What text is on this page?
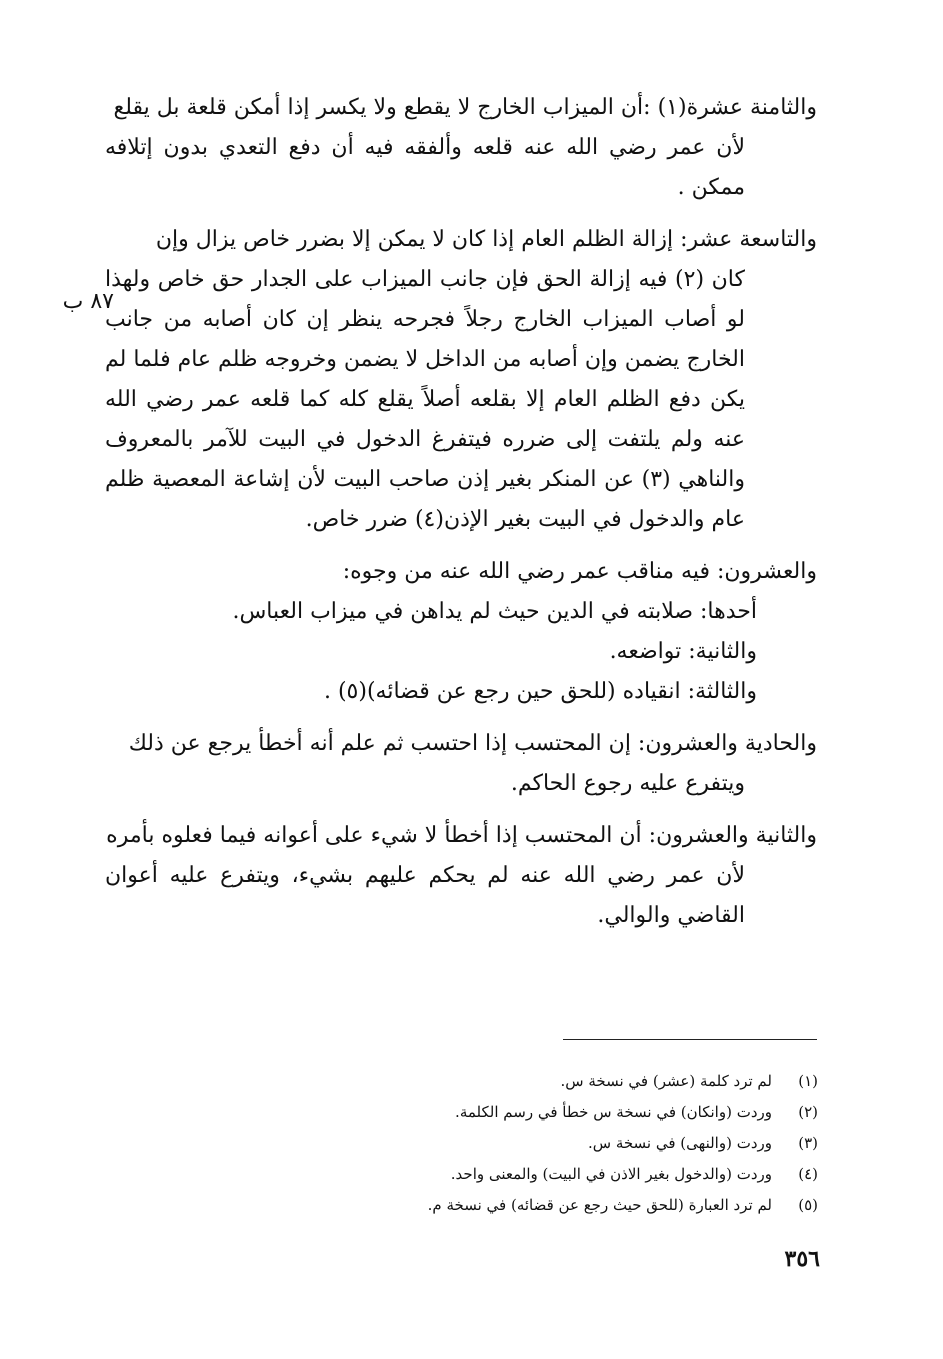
والثامنة عشرة(١) :أن الميزاب الخارج لا يقطع ولا يكسر إذا أمكن قلعة بل يقلع

لأن عمر رضي الله عنه قلعه وألفقه فيه أن دفع التعدي بدون إتلافه ممكن .

والتاسعة عشر: إزالة الظلم العام إذا كان لا يمكن إلا بضرر خاص يزال وإن

كان (٢) فيه إزالة الحق فإن جانب الميزاب على الجدار حق خاص ولهذا لو أصاب الميزاب الخارج رجلاً فجرحه ينظر إن كان أصابه من جانب الخارج يضمن وإن أصابه من الداخل لا يضمن وخروجه ظلم عام فلما لم يكن دفع الظلم العام إلا بقلعه أصلاً يقلع كله كما قلعه عمر رضي الله عنه ولم يلتفت إلى ضرره فيتفرغ الدخول في البيت للآمر بالمعروف والناهي (٣) عن المنكر بغير إذن صاحب البيت لأن إشاعة المعصية ظلم عام والدخول في البيت بغير الإذن(٤) ضرر خاص.

والعشرون: فيه مناقب عمر رضي الله عنه من وجوه:

أحدها: صلابته في الدين حيث لم يداهن في ميزاب العباس.

والثانية: تواضعه.

والثالثة: انقياده (للحق حين رجع عن قضائه)(٥) .

والحادية والعشرون: إن المحتسب إذا احتسب ثم علم أنه أخطأ يرجع عن ذلك

ويتفرع عليه رجوع الحاكم.

والثانية والعشرون: أن المحتسب إذا أخطأ لا شيء على أعوانه فيما فعلوه بأمره

لأن عمر رضي الله عنه لم يحكم عليهم بشيء، ويتفرع عليه أعوان القاضي والوالي.

٨٧ ب
(١)
لم ترد كلمة (عشر) في نسخة س.
(٢)
وردت (وانكان) في نسخة س خطأ في رسم الكلمة.
(٣)
وردت (والنهى) في نسخة س.
(٤)
وردت (والدخول بغير الاذن في البيت) والمعنى واحد.
(٥)
لم ترد العبارة (للحق حيث رجع عن قضائه) في نسخة م.
٣٥٦
